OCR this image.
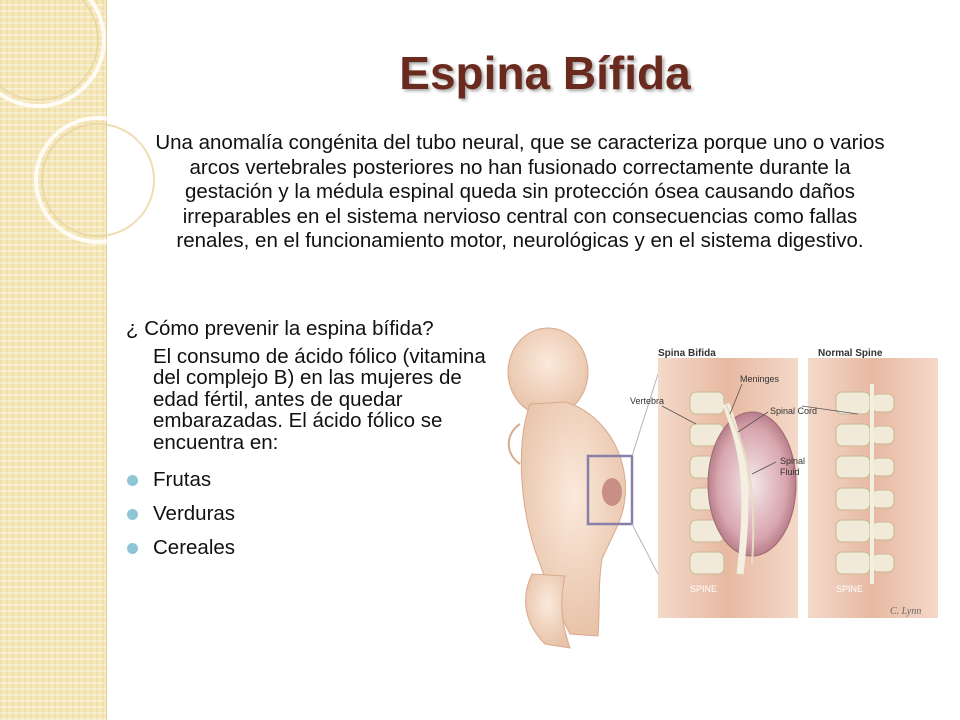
Espina Bífida
Una anomalía congénita del tubo neural, que se caracteriza porque uno o varios arcos vertebrales posteriores no han fusionado correctamente durante la gestación y la médula espinal queda sin protección ósea causando daños irreparables en el sistema nervioso central con consecuencias como fallas renales, en el funcionamiento motor, neurológicas y en el sistema digestivo.

¿ Cómo prevenir la espina bífida?

El consumo de ácido fólico (vitamina del complejo B) en las mujeres de edad fértil, antes de quedar embarazadas. El ácido fólico se encuentra en:

Frutas
Verduras
Cereales
Spina Bifida	Normal Spine
Meninges
Vertebra
Spinal Cord
Spinal
Fluid
SPINE	SPINE
C. Lynn
